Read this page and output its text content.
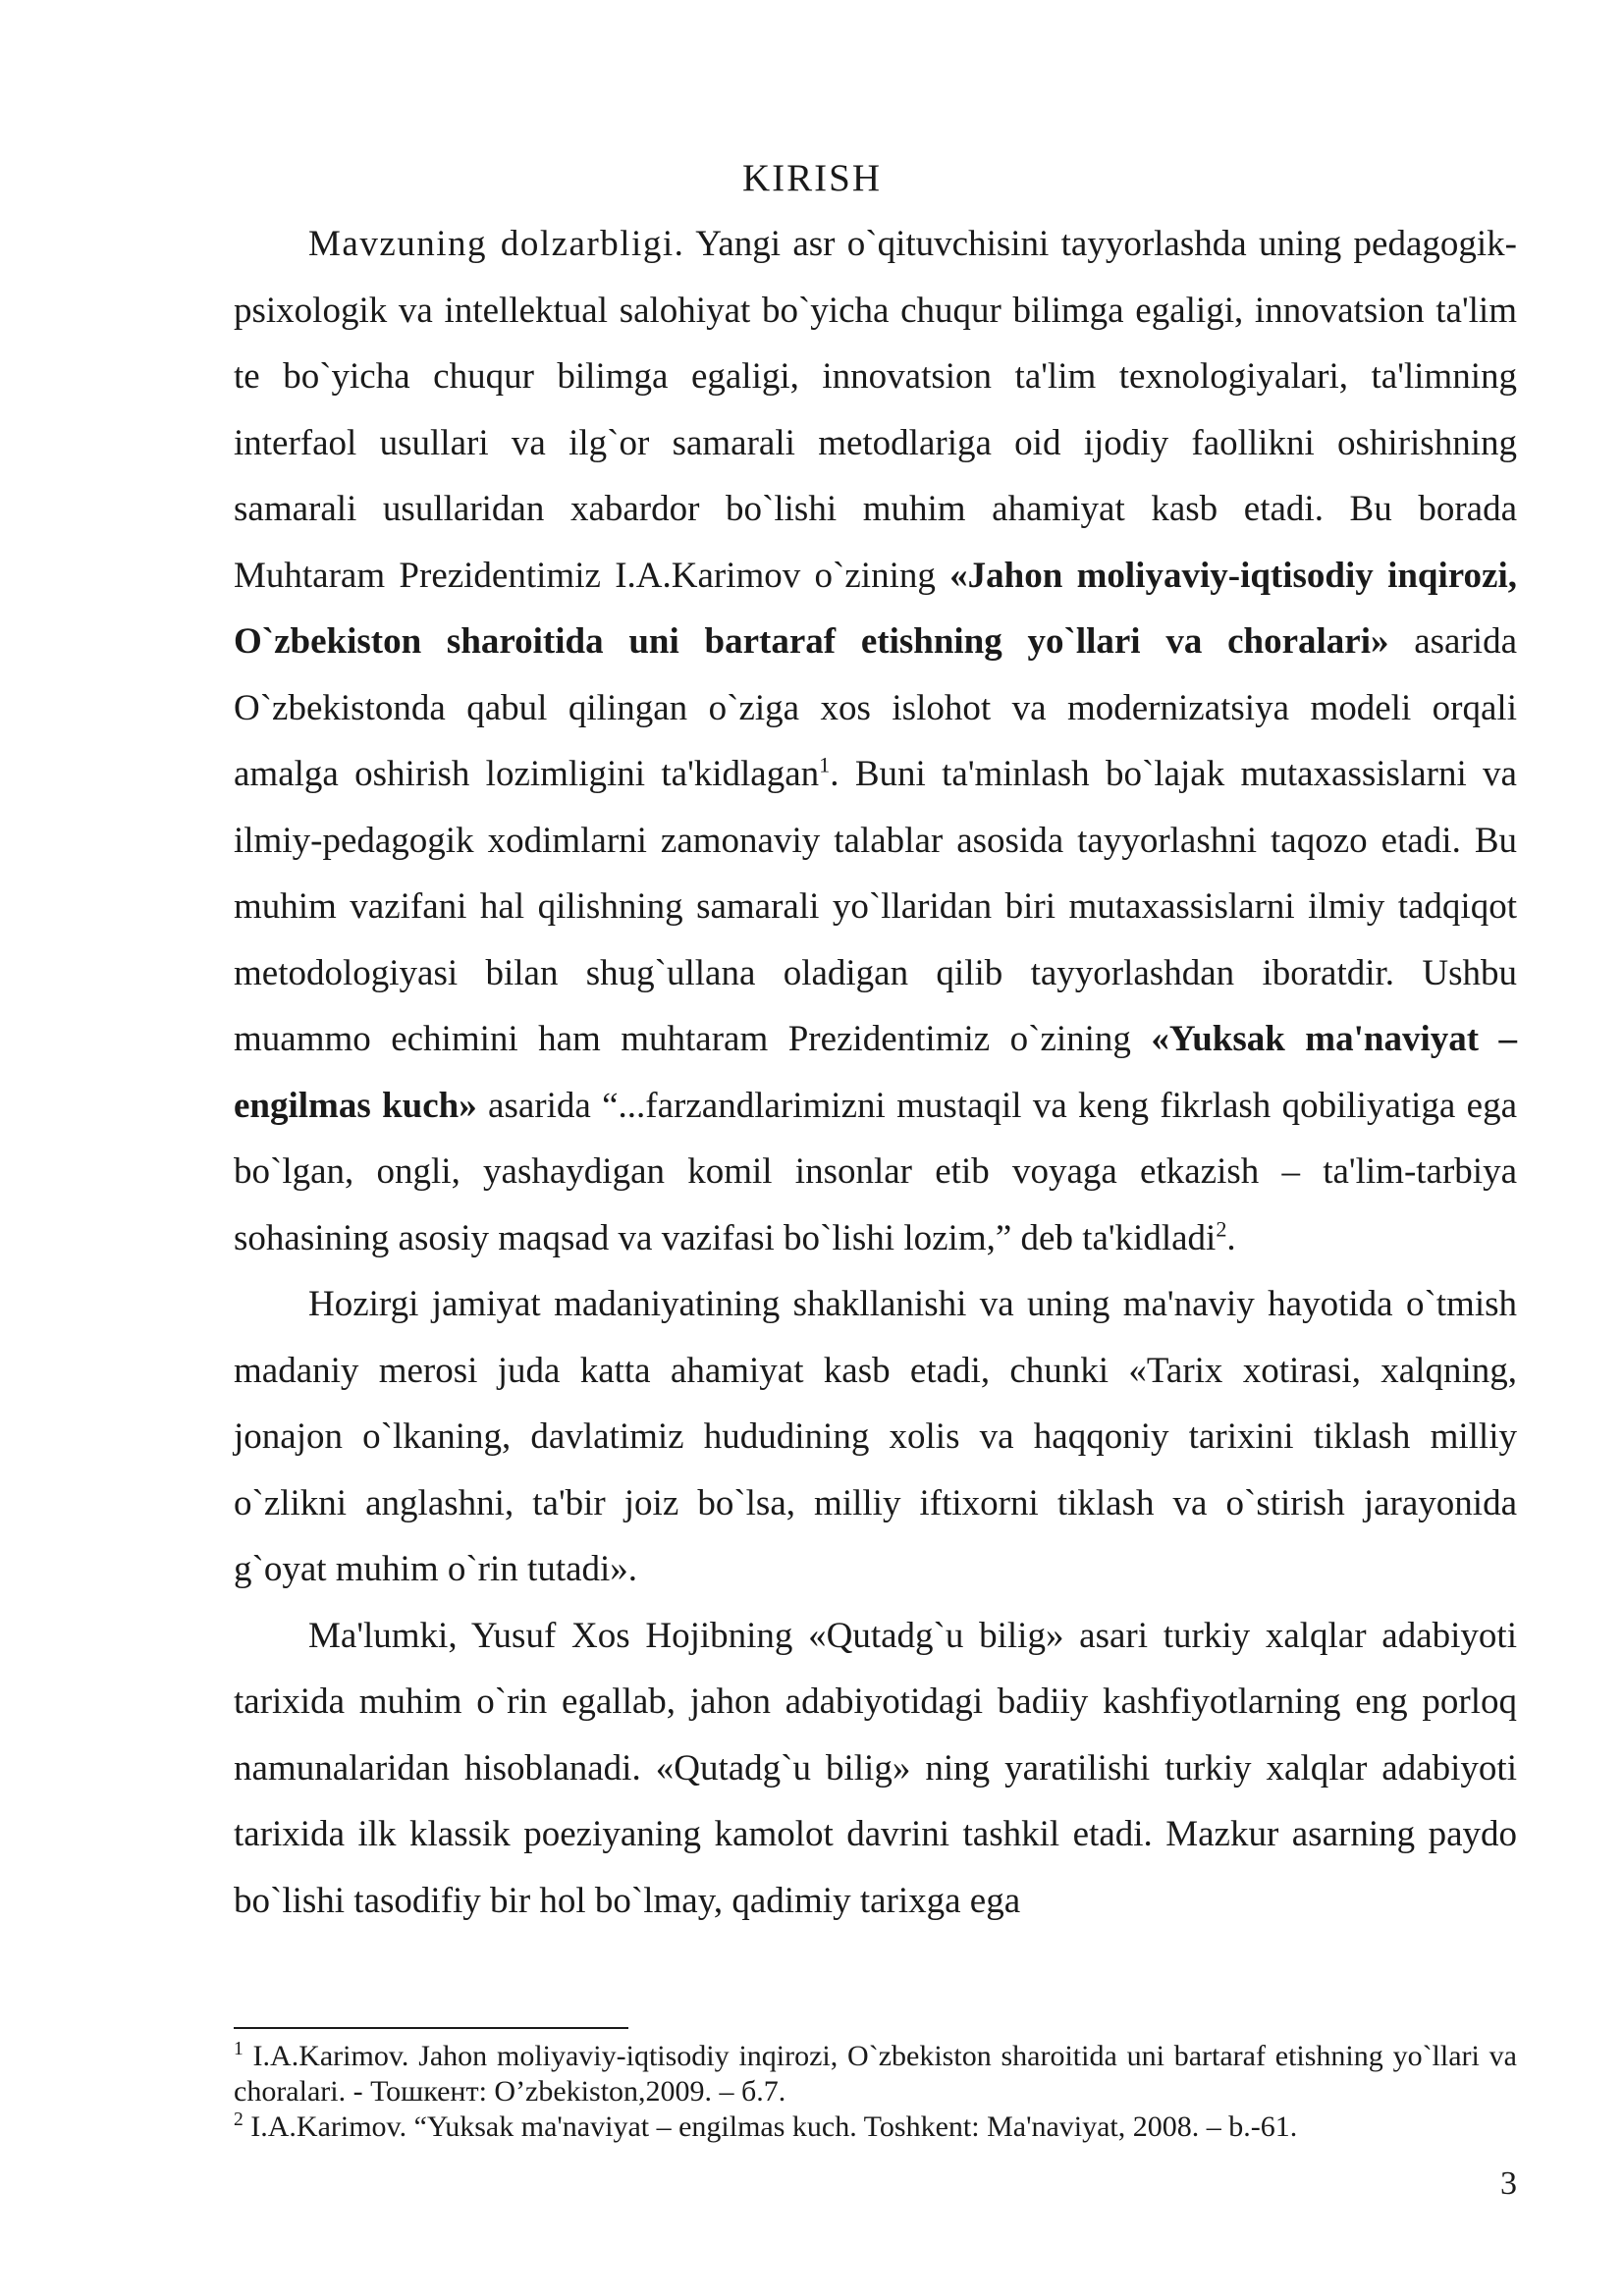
KIRISH

Mavzuning dolzarbligi. Yangi asr o`qituvchisini tayyorlashda uning pedagogik-psixologik va intellektual salohiyat bo`yicha chuqur bilimga egaligi, innovatsion ta'lim te bo`yicha chuqur bilimga egaligi, innovatsion ta'lim texnologiyalari, ta'limning interfaol usullari va ilg`or samarali metodlariga oid ijodiy faollikni oshirishning samarali usullaridan xabardor bo`lishi muhim ahamiyat kasb etadi. Bu borada Muhtaram Prezidentimiz I.A.Karimov o`zining «Jahon moliyaviy-iqtisodiy inqirozi, O`zbekiston sharoitida uni bartaraf etishning yo`llari va choralari» asarida O`zbekistonda qabul qilingan o`ziga xos islohot va modernizatsiya modeli orqali amalga oshirish lozimligini ta'kidlagan$^1$. Buni ta'minlash bo`lajak mutaxassislarni va ilmiy-pedagogik xodimlarni zamonaviy talablar asosida tayyorlashni taqozo etadi. Bu muhim vazifani hal qilishning samarali yo`llaridan biri mutaxassislarni ilmiy tadqiqot metodologiyasi bilan shug`ullana oladigan qilib tayyorlashdan iboratdir. Ushbu muammo echimini ham muhtaram Prezidentimiz o`zining «Yuksak ma'naviyat – engilmas kuch» asarida “...farzandlarimizni mustaqil va keng fikrlash qobiliyatiga ega bo`lgan, ongli, yashaydigan komil insonlar etib voyaga etkazish – ta'lim-tarbiya sohasining asosiy maqsad va vazifasi bo`lishi lozim,” deb ta'kidladi$^2$.

Hozirgi jamiyat madaniyatining shakllanishi va uning ma'naviy hayotida o`tmish madaniy merosi juda katta ahamiyat kasb etadi, chunki «Tarix xotirasi, xalqning, jonajon o`lkaning, davlatimiz hududining xolis va haqqoniy tarixini tiklash milliy o`zlikni anglashni, ta'bir joiz bo`lsa, milliy iftixorni tiklash va o`stirish jarayonida g`oyat muhim o`rin tutadi».

Ma'lumki, Yusuf Xos Hojibning «Qutadg`u bilig» asari turkiy xalqlar adabiyoti tarixida muhim o`rin egallab, jahon adabiyotidagi badiiy kashfiyotlarning eng porloq namunalaridan hisoblanadi. «Qutadg`u bilig» ning yaratilishi turkiy xalqlar adabiyoti tarixida ilk klassik poeziyaning kamolot davrini tashkil etadi. Mazkur asarning paydo bo`lishi tasodifiy bir hol bo`lmay, qadimiy tarixga ega

$^1$ I.A.Karimov. Jahon moliyaviy-iqtisodiy inqirozi, O`zbekiston sharoitida uni bartaraf etishning yo`llari va choralari. - Тошкент: O’zbekiston,2009. – б.7.

$^2$ I.A.Karimov. “Yuksak ma'naviyat – engilmas kuch. Toshkent: Ma'naviyat, 2008. – b.-61.

3
